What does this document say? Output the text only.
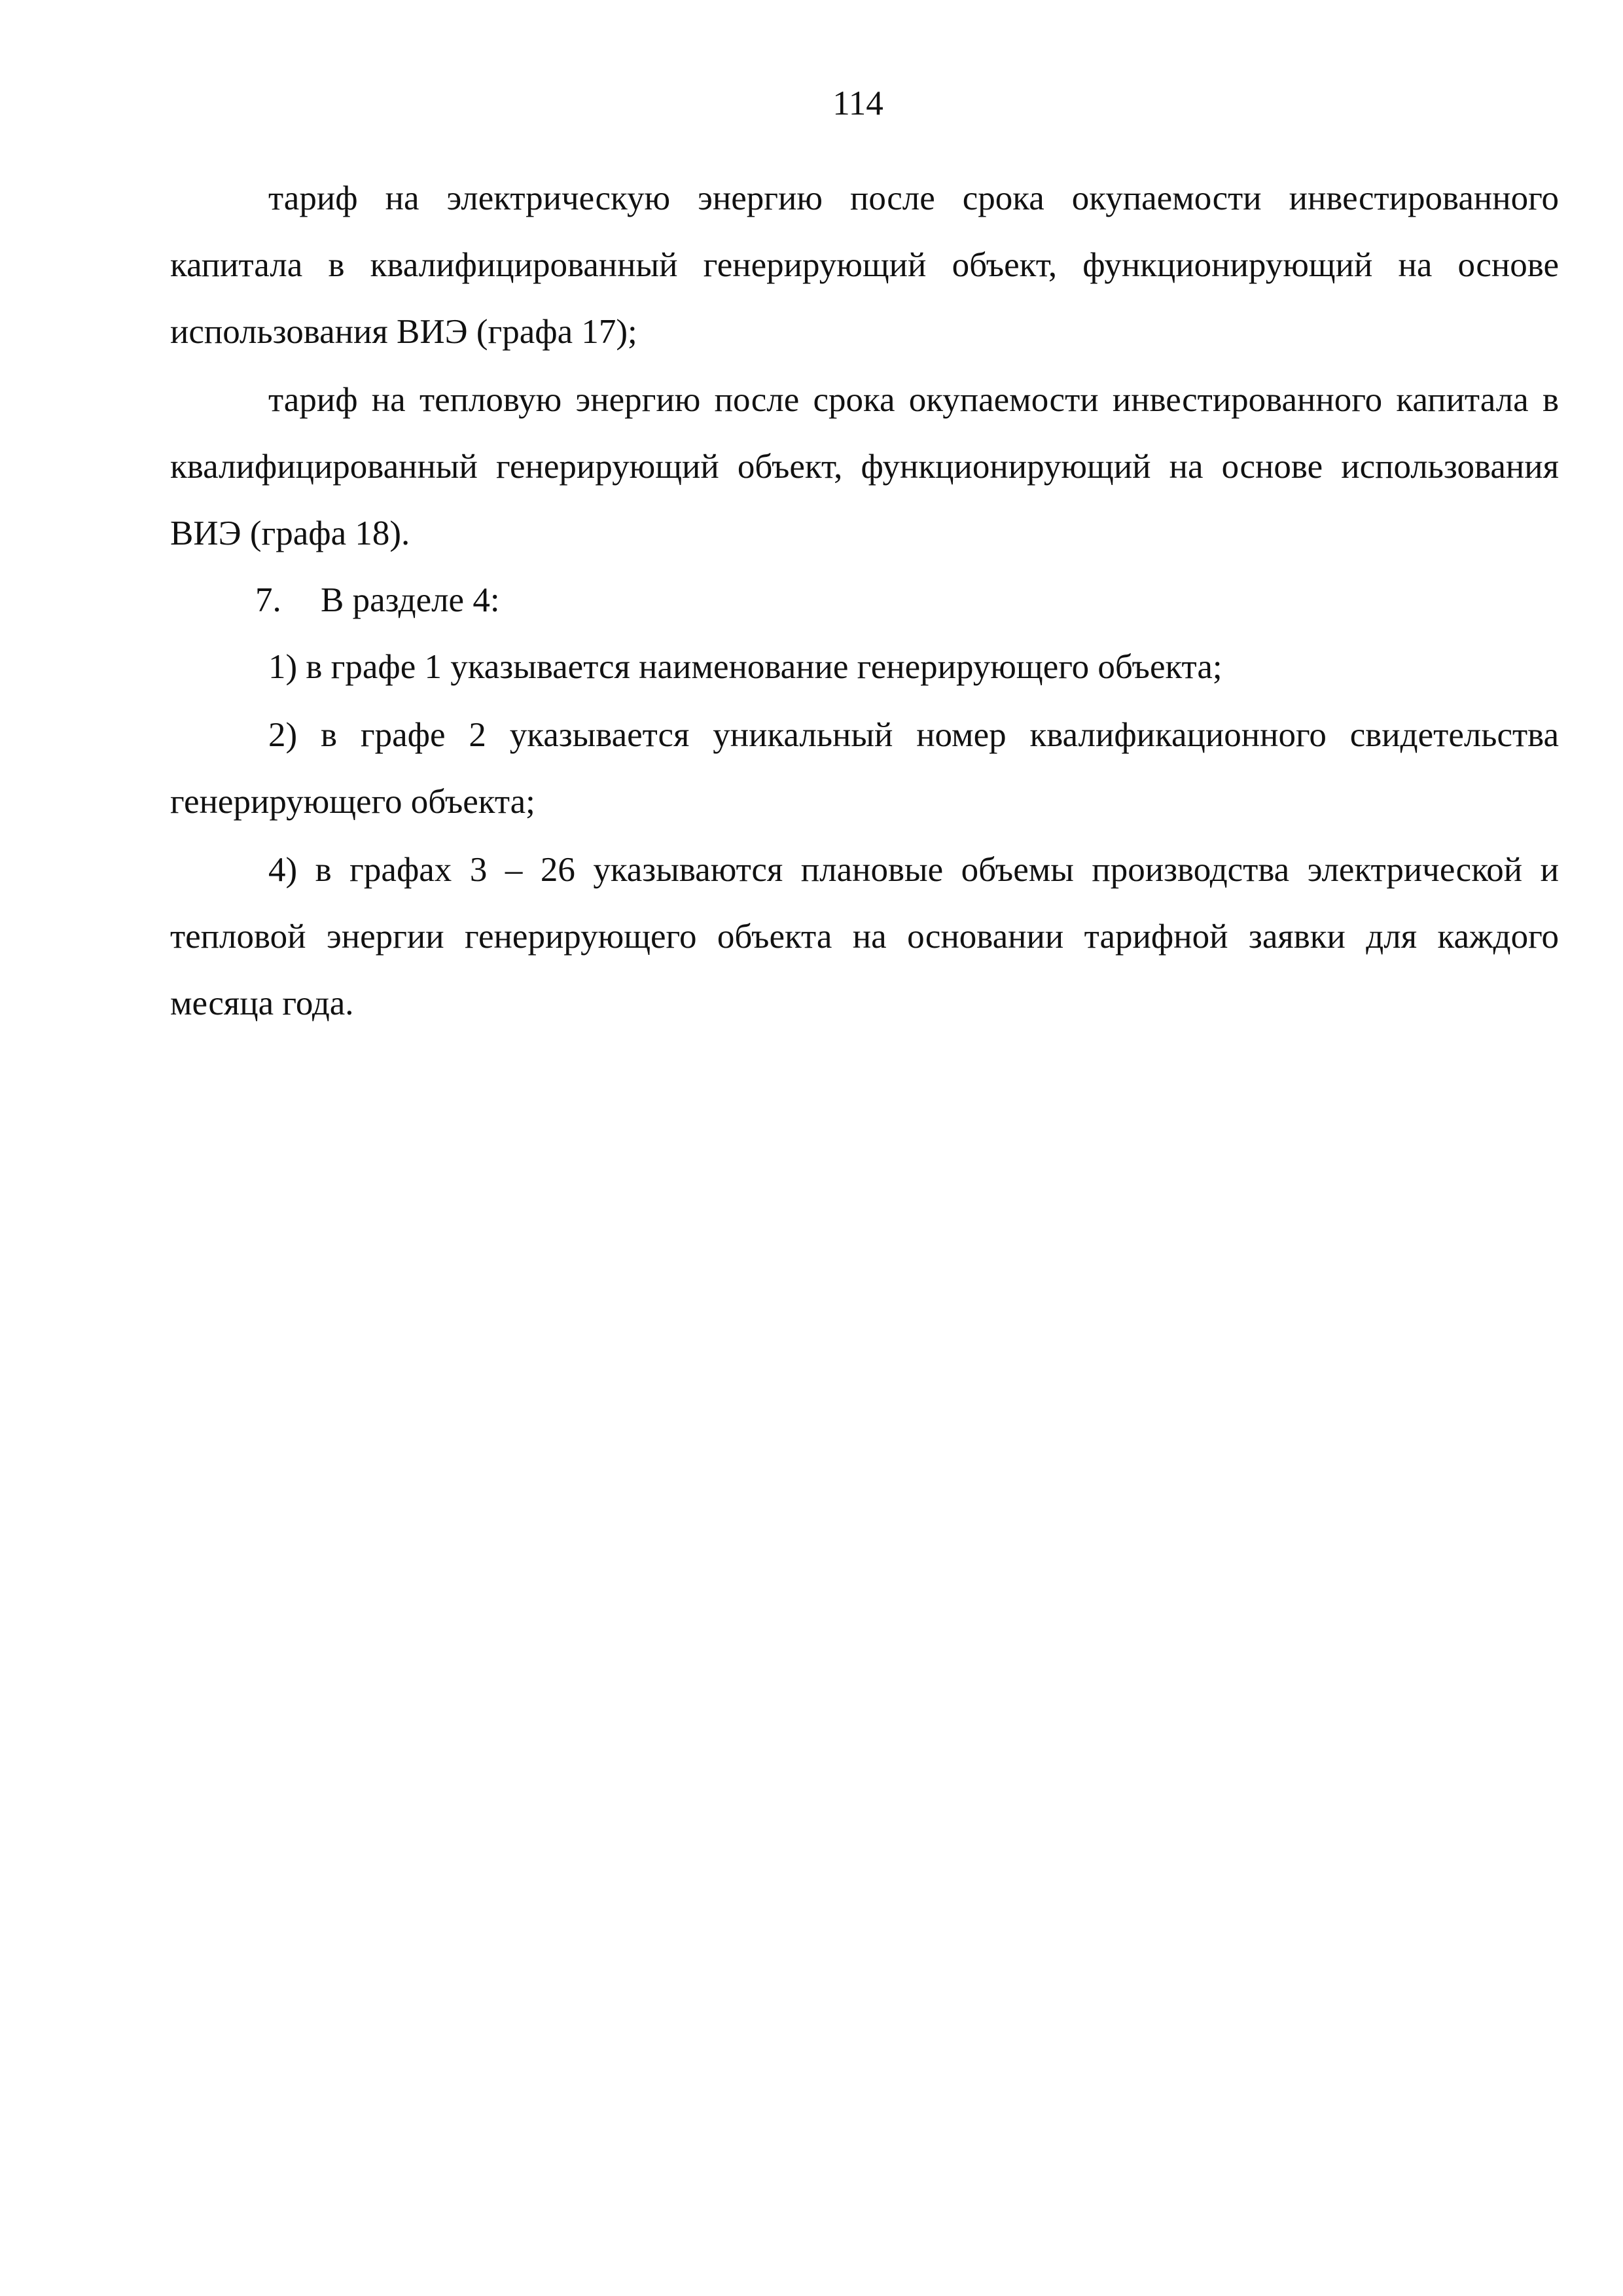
114

тариф на электрическую энергию после срока окупаемости инвестированного капитала в квалифицированный генерирующий объект, функционирующий на основе использования ВИЭ (графа 17);

тариф на тепловую энергию после срока окупаемости инвестированного капитала в квалифицированный генерирующий объект, функционирующий на основе использования ВИЭ (графа 18).

7. В разделе 4:

1) в графе 1 указывается наименование генерирующего объекта;

2) в графе 2 указывается уникальный номер квалификационного свидетельства генерирующего объекта;

4) в графах 3 – 26 указываются плановые объемы производства электрической и тепловой энергии генерирующего объекта на основании тарифной заявки для каждого месяца года.
